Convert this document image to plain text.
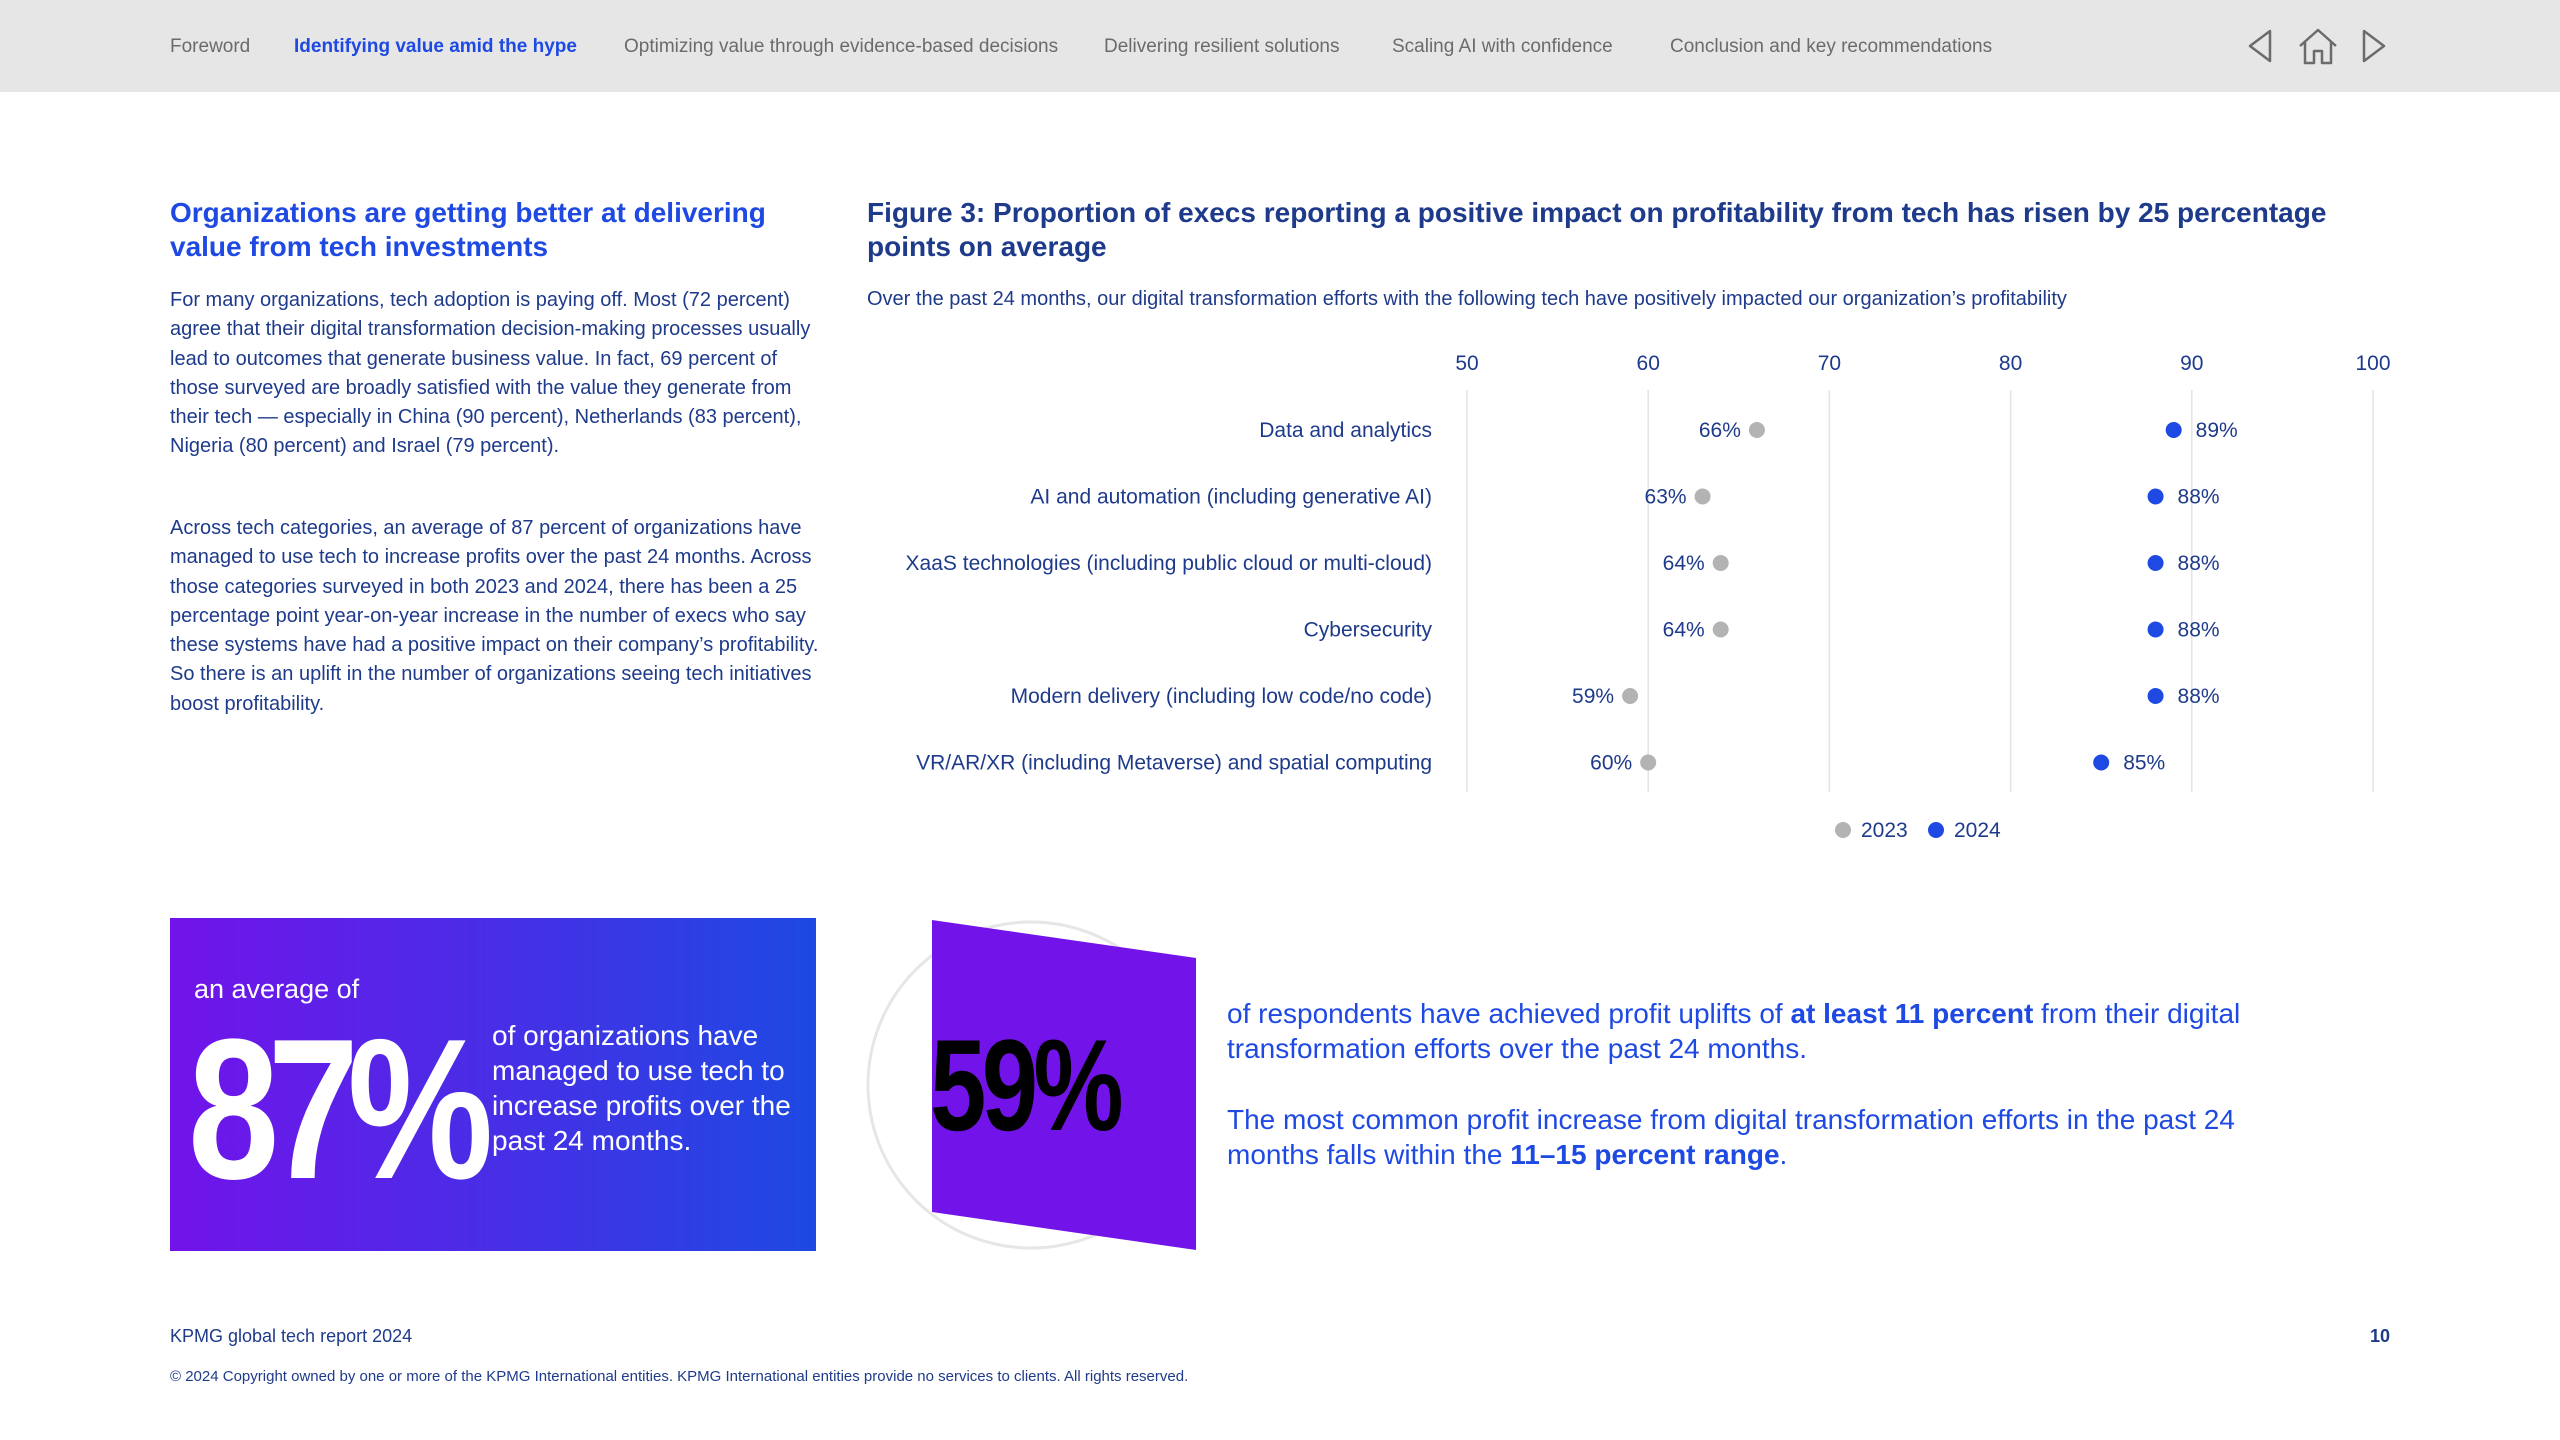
Foreword Identifying value amid the hype Optimizing value through evidence-based decisions Delivering resilient solutions	Scaling AI with confidence	Conclusion and key recommendations
Organizations are getting better at delivering value from tech investments

For many organizations, tech adoption is paying off. Most (72 percent) agree that their digital transformation decision-making processes usually lead to outcomes that generate business value. In fact, 69 percent of those surveyed are broadly satisfied with the value they generate from their tech — especially in China (90 percent), Netherlands (83 percent), Nigeria (80 percent) and Israel (79 percent).

Across tech categories, an average of 87 percent of organizations have managed to use tech to increase profits over the past 24 months. Across those categories surveyed in both 2023 and 2024, there has been a 25 percentage point year-on-year increase in the number of execs who say these systems have had a positive impact on their company’s profitability. So there is an uplift in the number of organizations seeing tech initiatives boost profitability.

Figure 3: Proportion of execs reporting a positive impact on profitability from tech has risen by 25 percentage points on average

Over the past 24 months, our digital transformation efforts with the following tech have positively impacted our organization’s profitability

50	60	70	80	90	100
Data and analytics	66%	89%
AI and automation (including generative AI)	63%	88%
XaaS technologies (including public cloud or multi-cloud)	64%	88%
Cybersecurity	64%	88%
Modern delivery (including low code/no code)	59%	88%
VR/AR/XR (including Metaverse) and spatial computing	60%	85%
2023 2024
an average of
87% of organizations have managed to use tech to increase profits over the past 24 months.	59%	of respondents have achieved profit uplifts of at least 11 percent from their digital transformation efforts over the past 24 months.

The most common profit increase from digital transformation efforts in the past 24 months falls within the 11–15 percent range.

KPMG global tech report 2024	10
© 2024 Copyright owned by one or more of the KPMG International entities. KPMG International entities provide no services to clients. All rights reserved.
